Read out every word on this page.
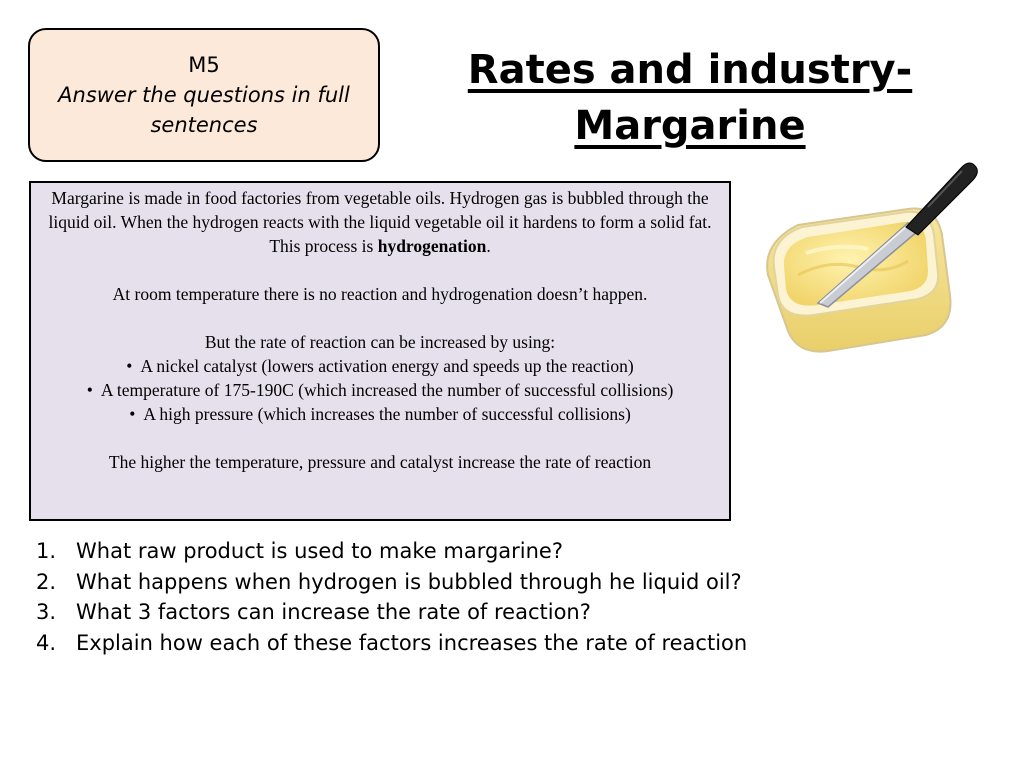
M5
Answer the questions in full sentences
Rates and industry-
Margarine

Margarine is made in food factories from vegetable oils. Hydrogen gas is bubbled through the liquid oil. When the hydrogen reacts with the liquid vegetable oil it hardens to form a solid fat. This process is hydrogenation.

At room temperature there is no reaction and hydrogenation doesn’t happen.

But the rate of reaction can be increased by using:

• A nickel catalyst (lowers activation energy and speeds up the reaction)

• A temperature of 175-190C (which increased the number of successful collisions)

• A high pressure (which increases the number of successful collisions)

The higher the temperature, pressure and catalyst increase the rate of reaction

1. What raw product is used to make margarine?
2. What happens when hydrogen is bubbled through he liquid oil?
3. What 3 factors can increase the rate of reaction?
4. Explain how each of these factors increases the rate of reaction
